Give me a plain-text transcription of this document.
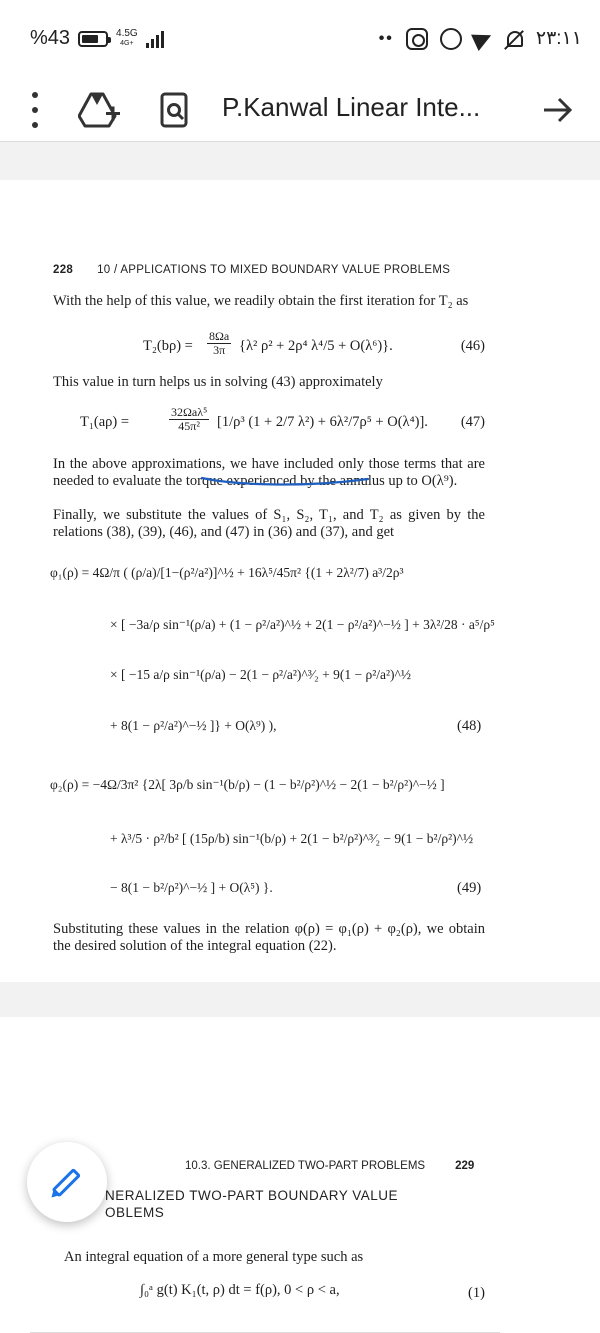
%43	4.5G
4G+	••	٢٣:١١
P.Kanwal Linear Inte...
228 10 / APPLICATIONS TO MIXED BOUNDARY VALUE PROBLEMS
With the help of this value, we readily obtain the first iteration for T₂ as
$T_2(b\rho) = \frac{8\Omega a}{3\pi} \{\lambda^2$ ρ² + 2ρ⁴ λ⁴/5 + O(λ⁶)}.	(46)
This value in turn helps us in solving (43) approximately
T₁(aρ) =
32Ωaλ⁵
45π²	[1/ρ³ (1 + 2/7 λ²) + 6λ²/7ρ⁵ + O(λ⁴)]. (47)
In the above approximations, we have included only those terms that are needed to evaluate the torque experienced by the annulus up to O(λ⁹).
Finally, we substitute the values of S₁, S₂, T₁, and T₂ as given by the relations (38), (39), (46), and (47) in (36) and (37), and get
φ₁(ρ) = 4Ω/π ( (ρ/a)/[1−(ρ²/a²)]^½ + 16λ⁵/45π² {(1 + 2λ²/7) a³/2ρ³
× [ −3a/ρ sin⁻¹(ρ/a) + (1 − ρ²/a²)^½ + 2(1 − ρ²/a²)^−½ ] + 3λ²/28 · a⁵/ρ⁵
× [ −15 a/ρ sin⁻¹(ρ/a) − 2(1 − ρ²/a²)^³⁄₂ + 9(1 − ρ²/a²)^½
+ 8(1 − ρ²/a²)^−½ ]} + O(λ⁹) ),	(48)
φ₂(ρ) = −4Ω/3π² {2λ[ 3ρ/b sin⁻¹(b/ρ) − (1 − b²/ρ²)^½ − 2(1 − b²/ρ²)^−½ ]
+ λ³/5 · ρ²/b² [ (15ρ/b) sin⁻¹(b/ρ) + 2(1 − b²/ρ²)^³⁄₂ − 9(1 − b²/ρ²)^½
− 8(1 − b²/ρ²)^−½ ] + O(λ⁵) }.	(49)
Substituting these values in the relation φ(ρ) = φ₁(ρ) + φ₂(ρ), we obtain the desired solution of the integral equation (22).
10.3. GENERALIZED TWO-PART PROBLEMS	229
NERALIZED TWO-PART BOUNDARY VALUE
OBLEMS
An integral equation of a more general type such as
∫₀ᵃ g(t) K₁(t, ρ) dt = f(ρ), 0 < ρ < a,	(1)
